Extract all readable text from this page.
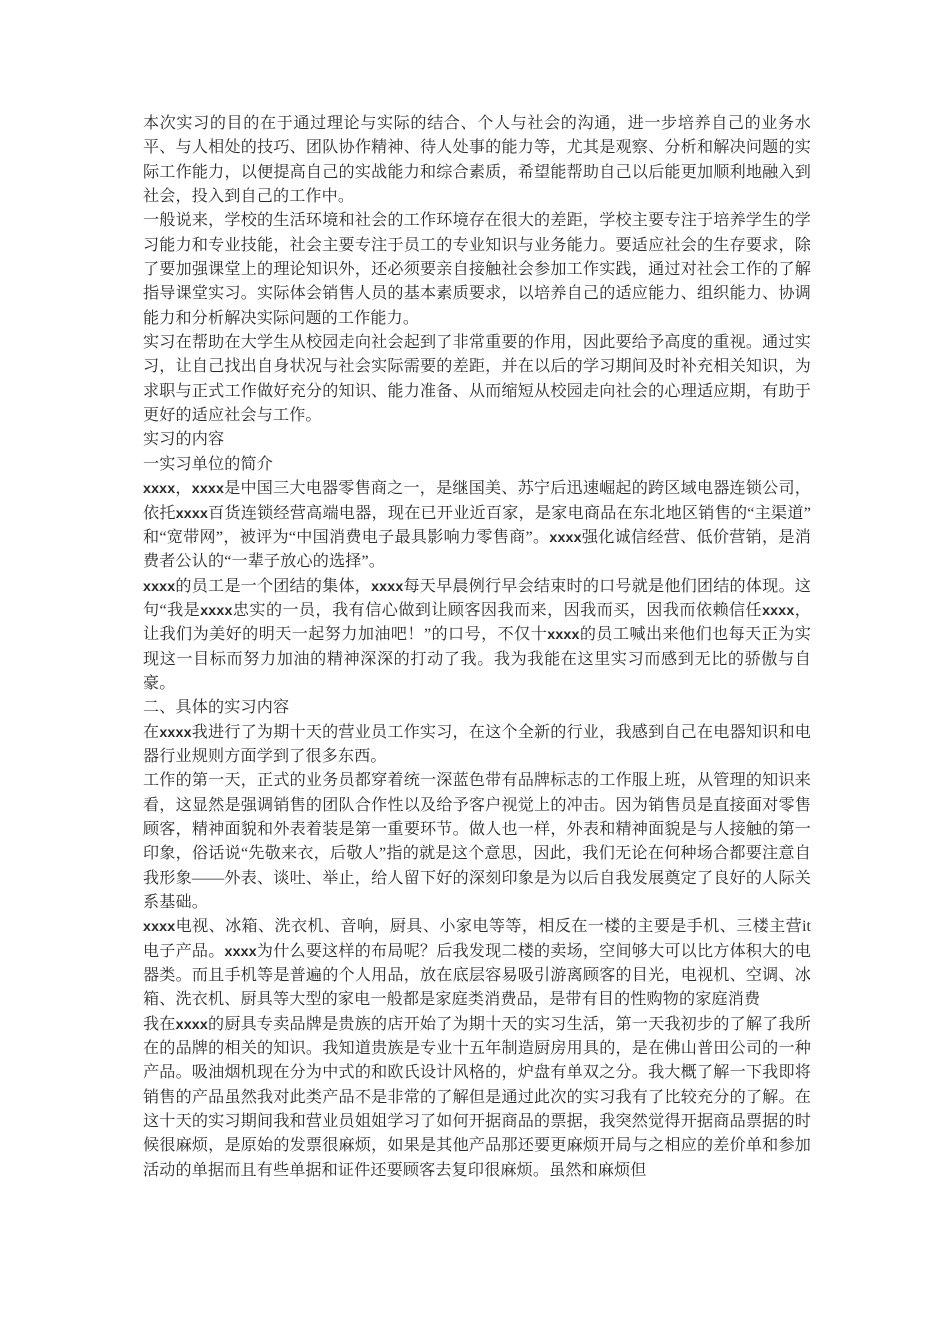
本次实习的目的在于通过理论与实际的结合、个人与社会的沟通，进一步培养自己的业务水平、与人相处的技巧、团队协作精神、待人处事的能力等，尤其是观察、分析和解决问题的实际工作能力，以便提高自己的实战能力和综合素质，希望能帮助自己以后能更加顺利地融入到社会，投入到自己的工作中。

一般说来，学校的生活环境和社会的工作环境存在很大的差距，学校主要专注于培养学生的学习能力和专业技能，社会主要专注于员工的专业知识与业务能力。要适应社会的生存要求，除了要加强课堂上的理论知识外，还必须要亲自接触社会参加工作实践，通过对社会工作的了解指导课堂实习。实际体会销售人员的基本素质要求，以培养自己的适应能力、组织能力、协调能力和分析解决实际问题的工作能力。

实习在帮助在大学生从校园走向社会起到了非常重要的作用，因此要给予高度的重视。通过实习，让自己找出自身状况与社会实际需要的差距，并在以后的学习期间及时补充相关知识，为求职与正式工作做好充分的知识、能力准备、从而缩短从校园走向社会的心理适应期，有助于更好的适应社会与工作。

实习的内容

一实习单位的简介

xxxx，xxxx是中国三大电器零售商之一，是继国美、苏宁后迅速崛起的跨区域电器连锁公司，依托xxxx百货连锁经营高端电器，现在已开业近百家，是家电商品在东北地区销售的“主渠道”和“宽带网”，被评为“中国消费电子最具影响力零售商”。xxxx强化诚信经营、低价营销，是消费者公认的“一辈子放心的选择”。

xxxx的员工是一个团结的集体，xxxx每天早晨例行早会结束时的口号就是他们团结的体现。这句“我是xxxx忠实的一员，我有信心做到让顾客因我而来，因我而买，因我而依赖信任xxxx，让我们为美好的明天一起努力加油吧！”的口号，不仅十xxxx的员工喊出来他们也每天正为实现这一目标而努力加油的精神深深的打动了我。我为我能在这里实习而感到无比的骄傲与自豪。

二、具体的实习内容

在xxxx我进行了为期十天的营业员工作实习，在这个全新的行业，我感到自己在电器知识和电器行业规则方面学到了很多东西。

工作的第一天，正式的业务员都穿着统一深蓝色带有品牌标志的工作服上班，从管理的知识来看，这显然是强调销售的团队合作性以及给予客户视觉上的冲击。因为销售员是直接面对零售顾客，精神面貌和外表着装是第一重要环节。做人也一样，外表和精神面貌是与人接触的第一印象，俗话说“先敬来衣，后敬人”指的就是这个意思，因此，我们无论在何种场合都要注意自我形象——外表、谈吐、举止，给人留下好的深刻印象是为以后自我发展奠定了良好的人际关系基础。

xxxx电视、冰箱、洗衣机、音响，厨具、小家电等等，相反在一楼的主要是手机、三楼主营it电子产品。xxxx为什么要这样的布局呢？后我发现二楼的卖场，空间够大可以比方体积大的电器类。而且手机等是普遍的个人用品，放在底层容易吸引游离顾客的目光，电视机、空调、冰箱、洗衣机、厨具等大型的家电一般都是家庭类消费品，是带有目的性购物的家庭消费

我在xxxx的厨具专卖品牌是贵族的店开始了为期十天的实习生活，第一天我初步的了解了我所在的品牌的相关的知识。我知道贵族是专业十五年制造厨房用具的，是在佛山普田公司的一种产品。吸油烟机现在分为中式的和欧氏设计风格的，炉盘有单双之分。我大概了解一下我即将销售的产品虽然我对此类产品不是非常的了解但是通过此次的实习我有了比较充分的了解。在这十天的实习期间我和营业员姐姐学习了如何开据商品的票据，我突然觉得开据商品票据的时候很麻烦，是原始的发票很麻烦，如果是其他产品那还要更麻烦开局与之相应的差价单和参加活动的单据而且有些单据和证件还要顾客去复印很麻烦。虽然和麻烦但
